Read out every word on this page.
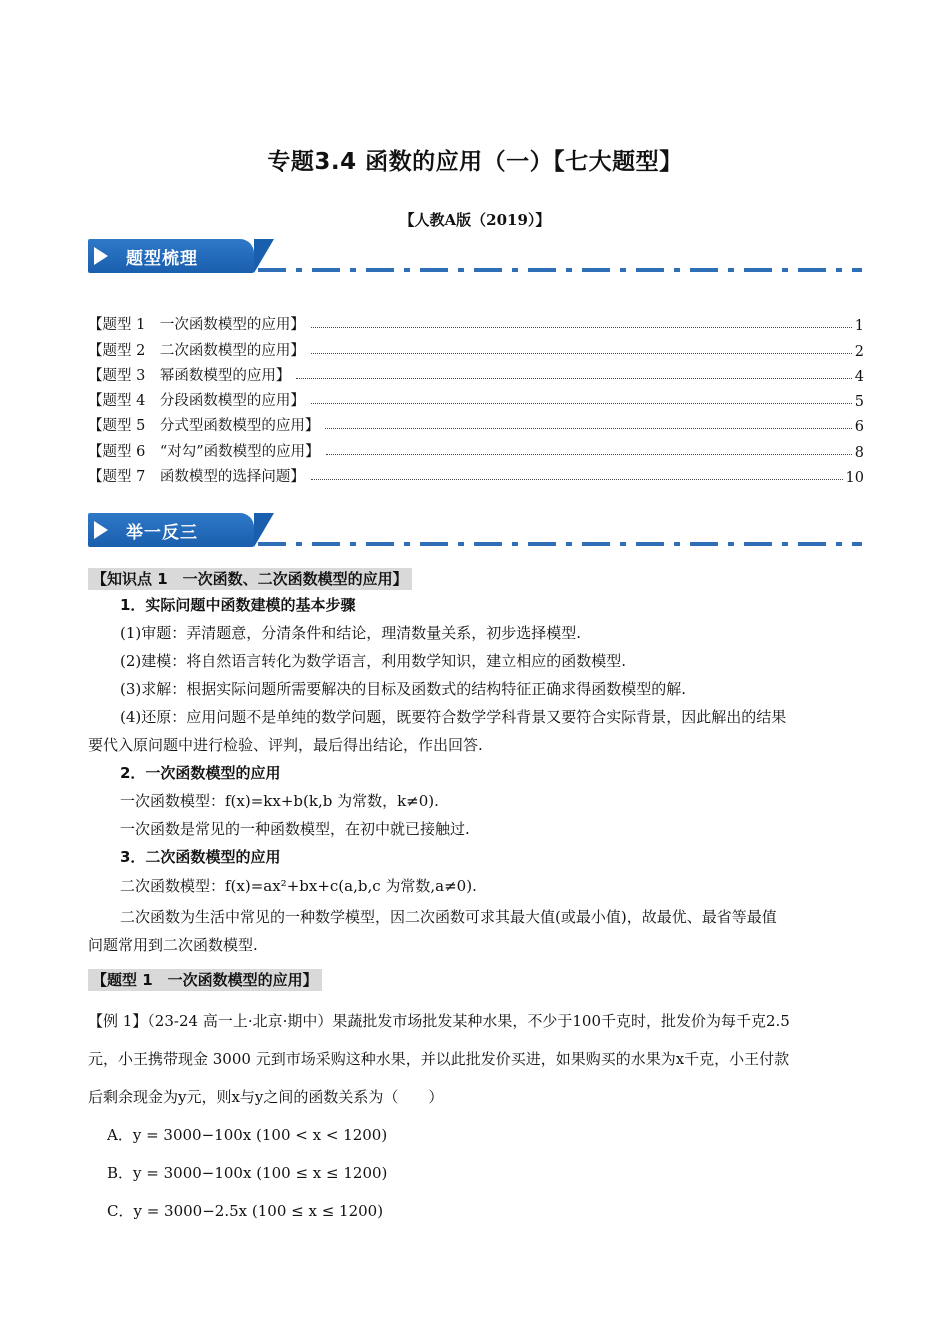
专题3.4 函数的应用（一）【七大题型】
【人教A版（2019）】
题型梳理
【题型 1　一次函数模型的应用】	1
【题型 2　二次函数模型的应用】	2
【题型 3　幂函数模型的应用】	4
【题型 4　分段函数模型的应用】	5
【题型 5　分式型函数模型的应用】	6
【题型 6　“对勾”函数模型的应用】	8
【题型 7　函数模型的选择问题】	10
举一反三
【知识点 1　一次函数、二次函数模型的应用】
1．实际问题中函数建模的基本步骤
(1)审题：弄清题意，分清条件和结论，理清数量关系，初步选择模型.
(2)建模：将自然语言转化为数学语言，利用数学知识，建立相应的函数模型.
(3)求解：根据实际问题所需要解决的目标及函数式的结构特征正确求得函数模型的解.
(4)还原：应用问题不是单纯的数学问题，既要符合数学学科背景又要符合实际背景，因此解出的结果
要代入原问题中进行检验、评判，最后得出结论，作出回答.
2．一次函数模型的应用
一次函数模型：f(x)=kx+b(k,b 为常数，k≠0).
一次函数是常见的一种函数模型，在初中就已接触过.
3．二次函数模型的应用
二次函数模型：f(x)=ax²+bx+c(a,b,c 为常数,a≠0).
二次函数为生活中常见的一种数学模型，因二次函数可求其最大值(或最小值)，故最优、最省等最值
问题常用到二次函数模型.
【题型 1　一次函数模型的应用】
【例 1】（23-24 高一上·北京·期中）果蔬批发市场批发某种水果，不少于100千克时，批发价为每千克2.5
元，小王携带现金 3000 元到市场采购这种水果，并以此批发价买进，如果购买的水果为x千克，小王付款
后剩余现金为y元，则x与y之间的函数关系为（　　）
A．y = 3000−100x (100 < x < 1200)
B．y = 3000−100x (100 ≤ x ≤ 1200)
C．y = 3000−2.5x (100 ≤ x ≤ 1200)
